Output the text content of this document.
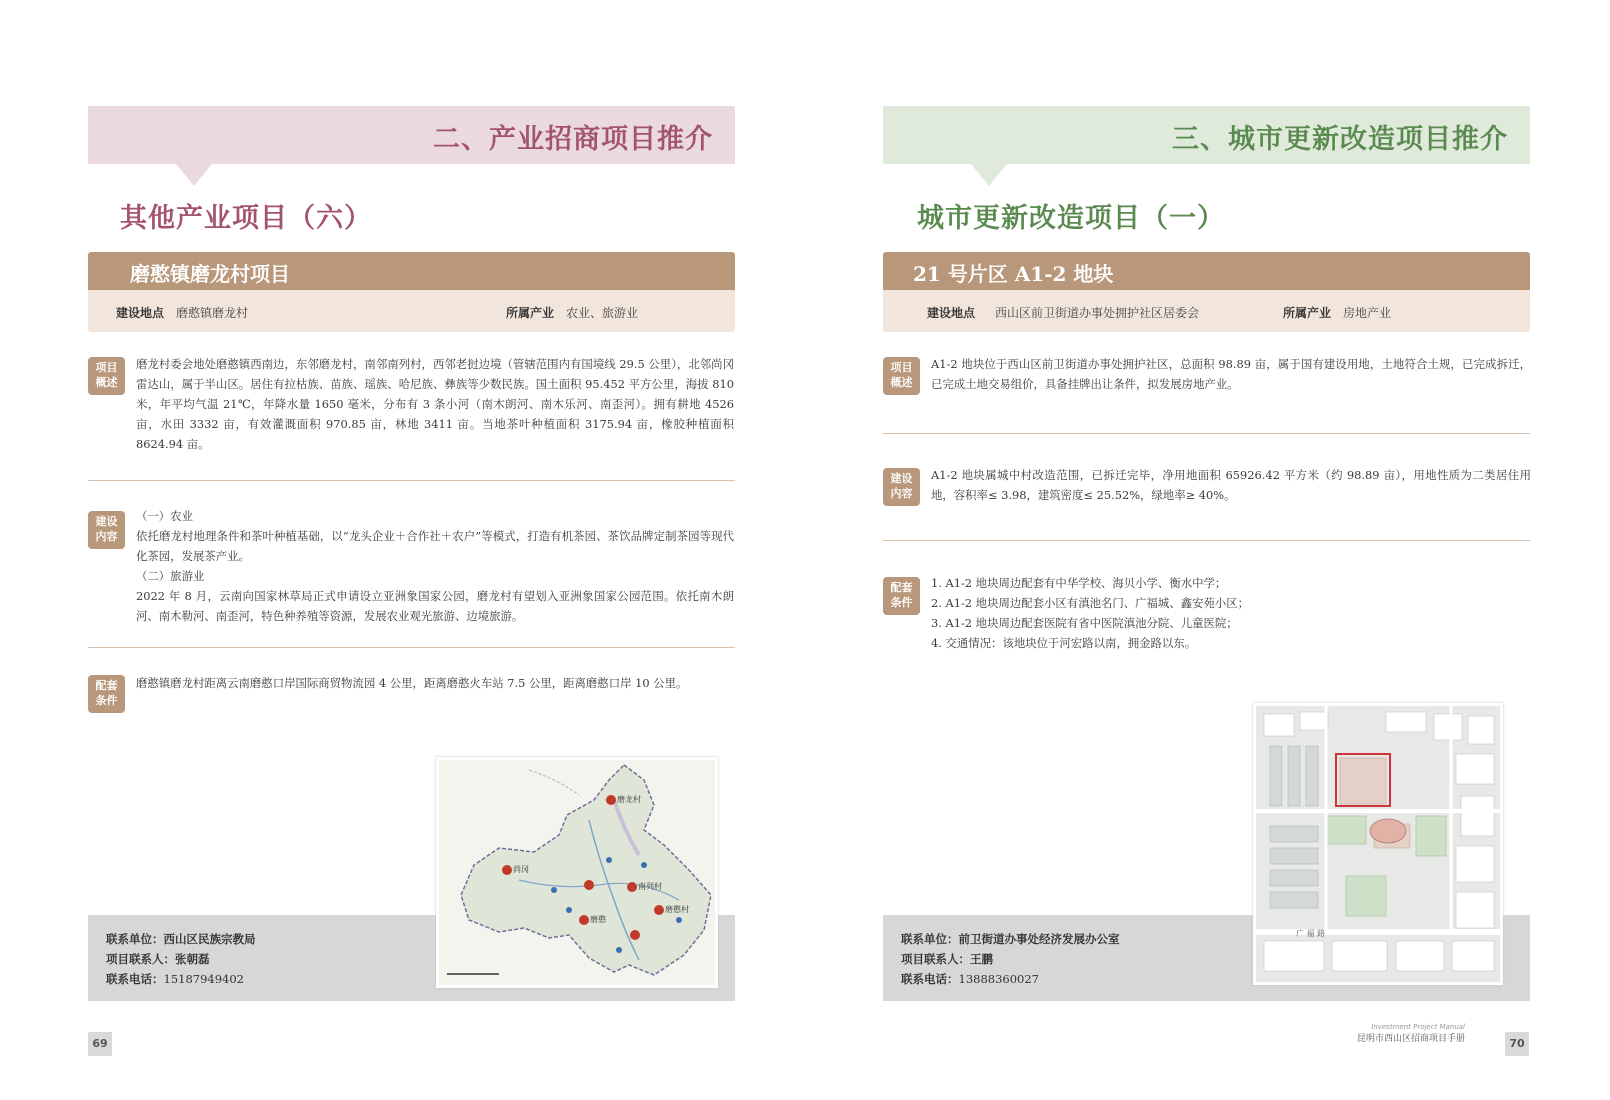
二、产业招商项目推介
其他产业项目（六）
磨憨镇磨龙村项目
建设地点 磨憨镇磨龙村	所属产业 农业、旅游业
项目
概述
磨龙村委会地处磨憨镇西南边，东邻磨龙村，南邻南列村，西邻老挝边境（管辖范围内有国境线 29.5 公里），北邻尚冈雷达山，属于半山区。居住有拉枯族、苗族、瑶族、哈尼族、彝族等少数民族。国土面积 95.452 平方公里，海拔 810 米，年平均气温 21℃，年降水量 1650 毫米，分布有 3 条小河（南木朗河、南木乐河、南歪河）。拥有耕地 4526 亩，水田 3332 亩，有效灌溉面积 970.85 亩，林地 3411 亩。当地茶叶种植面积 3175.94 亩，橡胶种植面积 8624.94 亩。
建设
内容
（一）农业
依托磨龙村地理条件和茶叶种植基础，以“龙头企业＋合作社＋农户”等模式，打造有机茶园、茶饮品牌定制茶园等现代化茶园，发展茶产业。
（二）旅游业
2022 年 8 月，云南向国家林草局正式申请设立亚洲象国家公园，磨龙村有望划入亚洲象国家公园范围。依托南木朗河、南木勒河、南歪河，特色种养殖等资源，发展农业观光旅游、边境旅游。
配套
条件
磨憨镇磨龙村距离云南磨憨口岸国际商贸物流园 4 公里，距离磨憨火车站 7.5 公里，距离磨憨口岸 10 公里。
联系单位：西山区民族宗教局
项目联系人：张朝磊
联系电话：15187949402
磨龙村
尚冈
南列村
磨憨
磨憨村
69
三、城市更新改造项目推介
城市更新改造项目（一）
21 号片区 A1-2 地块
建设地点 西山区前卫街道办事处拥护社区居委会	所属产业 房地产业
项目
概述
A1-2 地块位于西山区前卫街道办事处拥护社区，总面积 98.89 亩，属于国有建设用地，土地符合土规，已完成拆迁，已完成土地交易组价，具备挂牌出让条件，拟发展房地产业。
建设
内容
A1-2 地块属城中村改造范围，已拆迁完毕，净用地面积 65926.42 平方米（约 98.89 亩），用地性质为二类居住用地，容积率≤ 3.98，建筑密度≤ 25.52%，绿地率≥ 40%。
配套
条件
1. A1-2 地块周边配套有中华学校、海贝小学、衡水中学；
2. A1-2 地块周边配套小区有滇池名门、广福城、鑫安苑小区；
3. A1-2 地块周边配套医院有省中医院滇池分院、儿童医院；
4. 交通情况：该地块位于河宏路以南，拥金路以东。
联系单位：前卫街道办事处经济发展办公室
项目联系人：王鹏
联系电话：13888360027
广 福 路
Investment Project Manual
昆明市西山区招商项目手册	70
